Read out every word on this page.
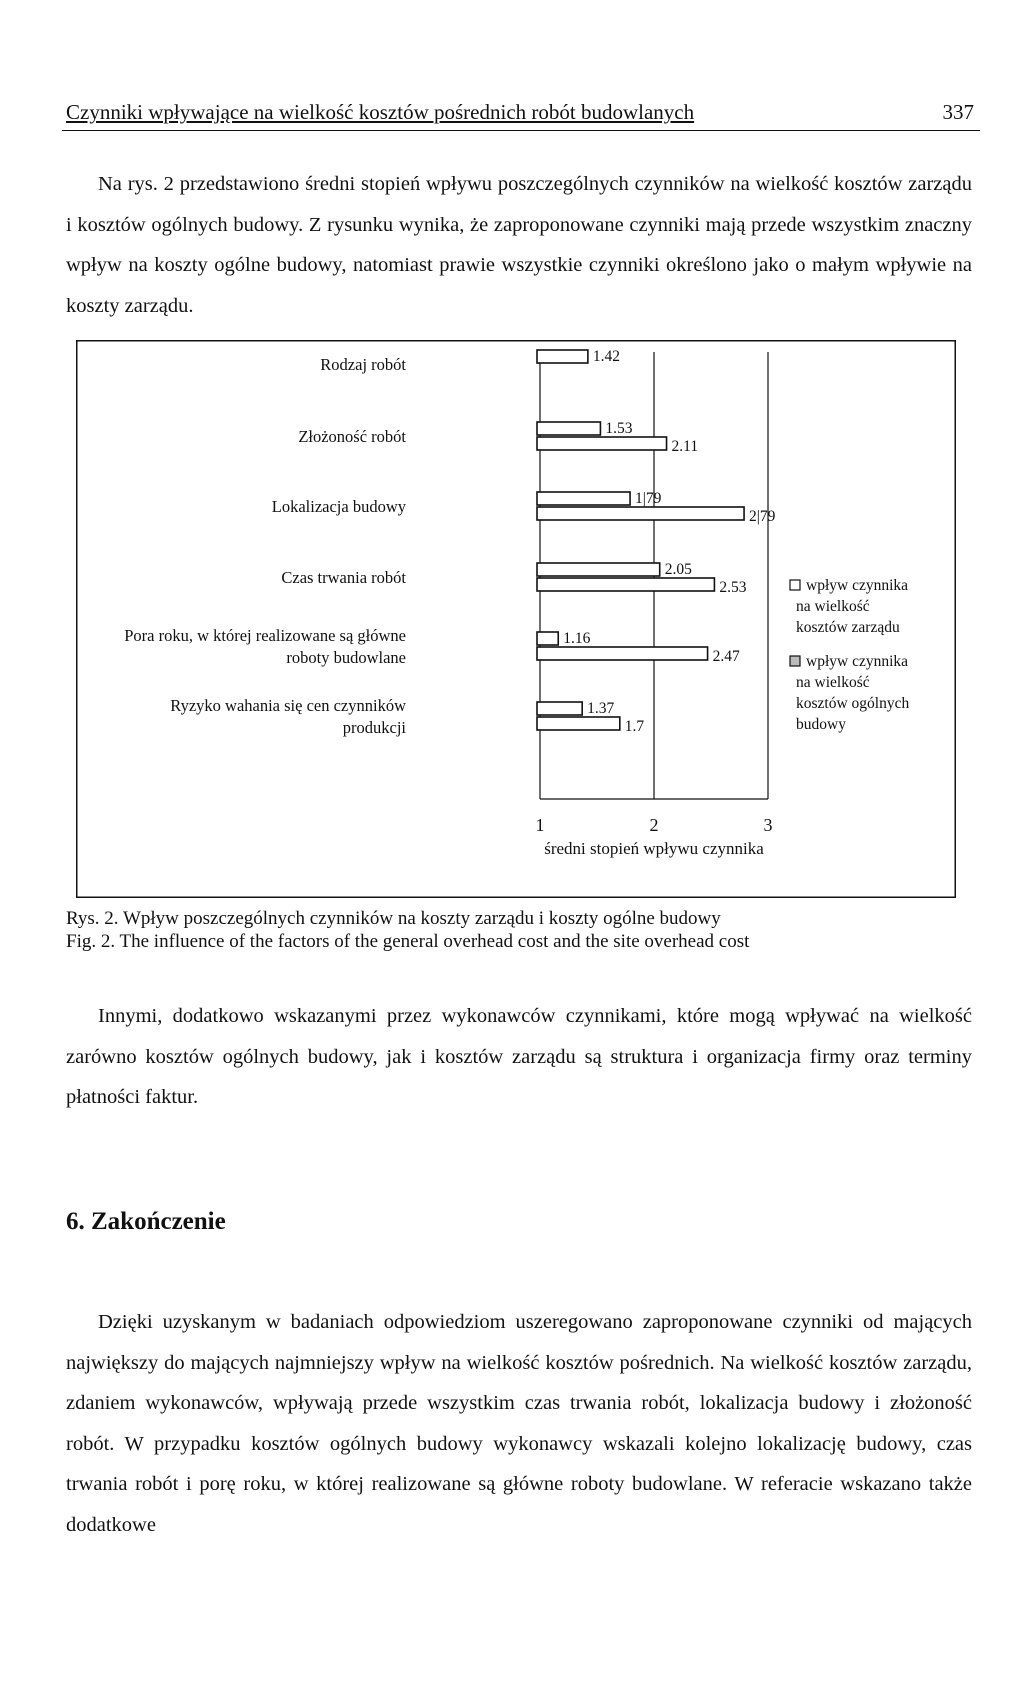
Czynniki wpływające na wielkość kosztów pośrednich robót budowlanych	337

Na rys. 2 przedstawiono średni stopień wpływu poszczególnych czynników na wielkość kosztów zarządu i kosztów ogólnych budowy. Z rysunku wynika, że zaproponowane czynniki mają przede wszystkim znaczny wpływ na koszty ogólne budowy, natomiast prawie wszystkie czynniki określono jako o małym wpływie na koszty zarządu.

1	2	3
średni stopień wpływu czynnika
Rodzaj robót	1.42
Złożoność robót	1.53
2.11
Lokalizacja budowy	1|79
2|79
Czas trwania robót	2.05
2.53
Pora roku, w której realizowane są główne
roboty budowlane
1.16
2.47
Ryzyko wahania się cen czynników
produkcji
1.37
1.7
wpływ czynnika
na wielkość
kosztów zarządu
wpływ czynnika
na wielkość
kosztów ogólnych
budowy
Rys. 2. Wpływ poszczególnych czynników na koszty zarządu i koszty ogólne budowy
Fig. 2. The influence of the factors of the general overhead cost and the site overhead cost

Innymi, dodatkowo wskazanymi przez wykonawców czynnikami, które mogą wpływać na wielkość zarówno kosztów ogólnych budowy, jak i kosztów zarządu są struktura i organizacja firmy oraz terminy płatności faktur.

6. Zakończenie

Dzięki uzyskanym w badaniach odpowiedziom uszeregowano zaproponowane czynniki od mających największy do mających najmniejszy wpływ na wielkość kosztów pośrednich. Na wielkość kosztów zarządu, zdaniem wykonawców, wpływają przede wszystkim czas trwania robót, lokalizacja budowy i złożoność robót. W przypadku kosztów ogólnych budowy wykonawcy wskazali kolejno lokalizację budowy, czas trwania robót i porę roku, w której realizowane są główne roboty budowlane. W referacie wskazano także dodatkowe
